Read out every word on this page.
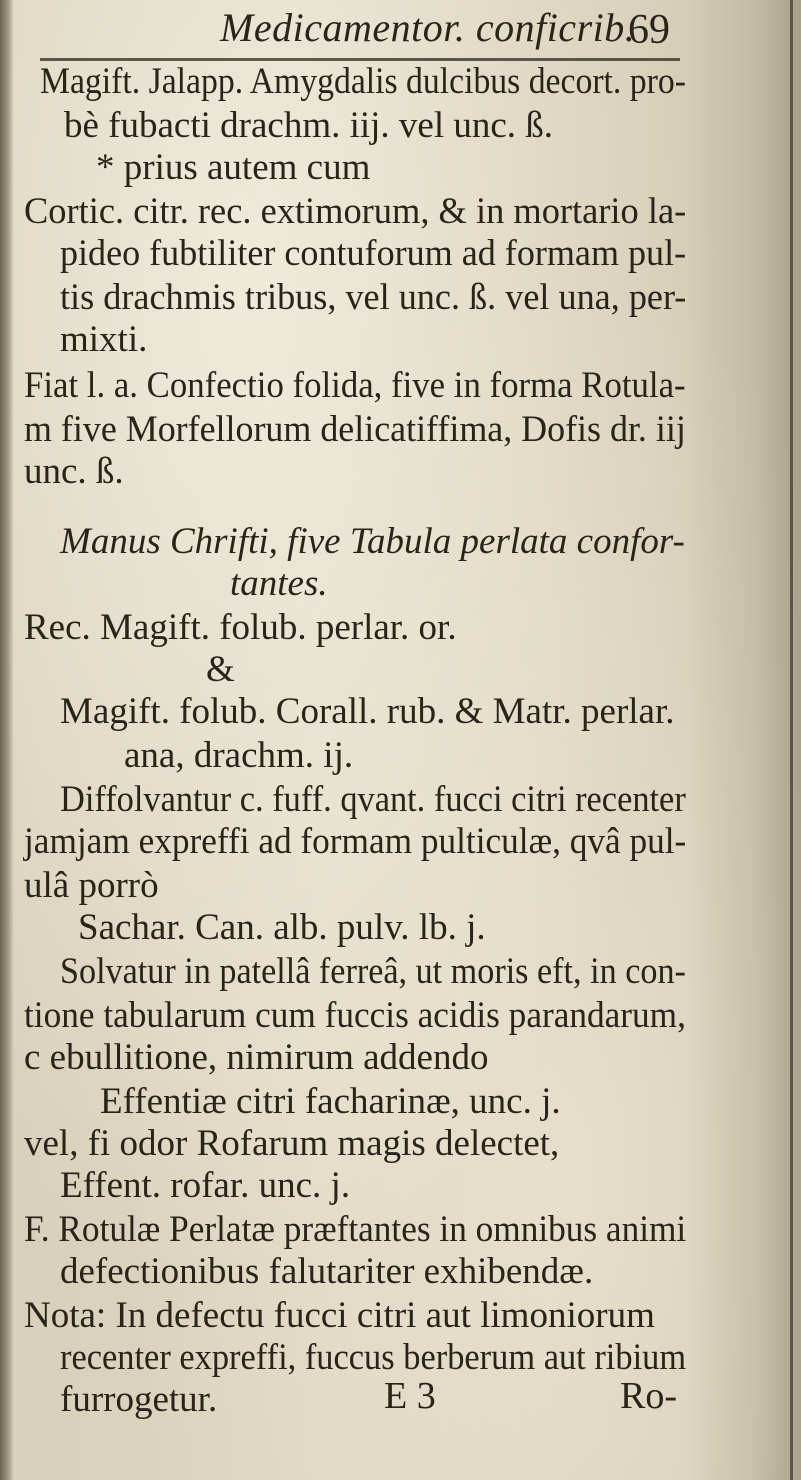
Medicamentor. conficrib.
69
Magift. Jalapp. Amygdalis dulcibus decort. pro-
bè fubacti drachm. iij. vel unc. ß.
* prius autem cum
Cortic. citr. rec. extimorum, & in mortario la-
pideo fubtiliter contuforum ad formam pul-
tis drachmis tribus, vel unc. ß. vel una, per-
mixti.
Fiat l. a. Confectio folida, five in forma Rotula-
m five Morfellorum delicatiffima, Dofis dr. iij
unc. ß.
Manus Chrifti, five Tabula perlata confor-
tantes.
Rec. Magift. folub. perlar. or.
&
Magift. folub. Corall. rub. & Matr. perlar.
ana, drachm. ij.
Diffolvantur c. fuff. qvant. fucci citri recenter
jamjam expreffi ad formam pulticulæ, qvâ pul-
ulâ porrò
Sachar. Can. alb. pulv. lb. j.
Solvatur in patellâ ferreâ, ut moris eft, in con-
tione tabularum cum fuccis acidis parandarum,
c ebullitione, nimirum addendo
Effentiæ citri facharinæ, unc. j.
vel, fi odor Rofarum magis delectet,
Effent. rofar. unc. j.
F. Rotulæ Perlatæ præftantes in omnibus animi
defectionibus falutariter exhibendæ.
Nota: In defectu fucci citri aut limoniorum
recenter expreffi, fuccus berberum aut ribium
furrogetur.	E 3	Ro-
